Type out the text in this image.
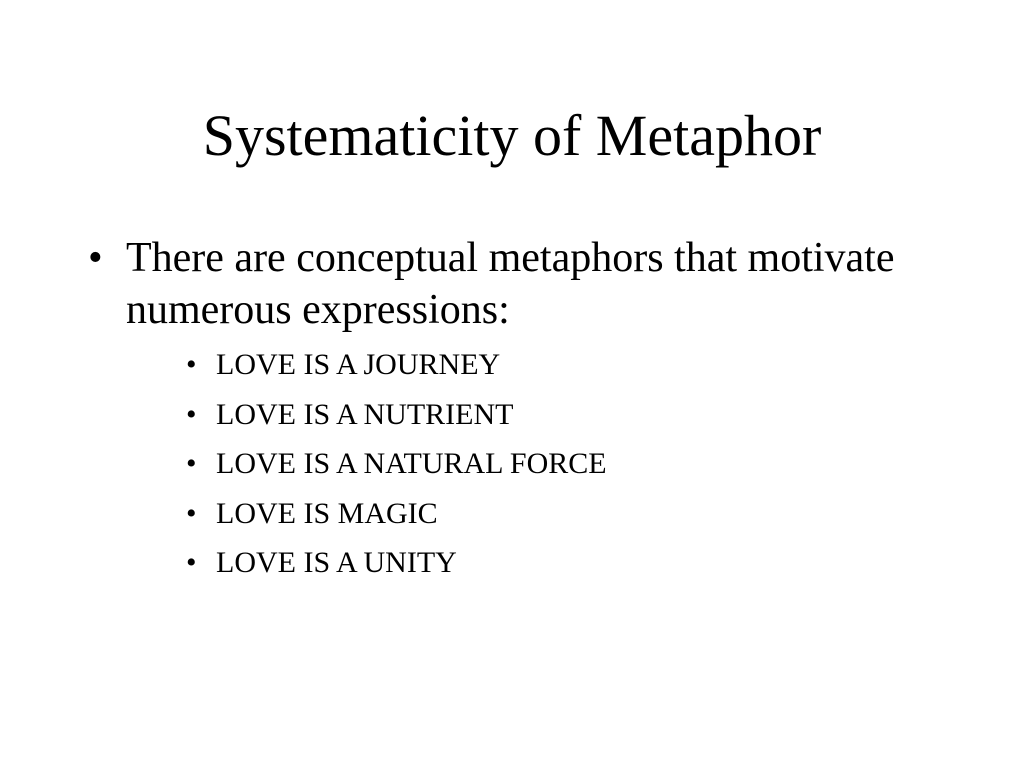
Systematicity of Metaphor
• There are conceptual metaphors that motivate numerous expressions:
• LOVE IS A JOURNEY
• LOVE IS A NUTRIENT
• LOVE IS A NATURAL FORCE
• LOVE IS MAGIC
• LOVE IS A UNITY
